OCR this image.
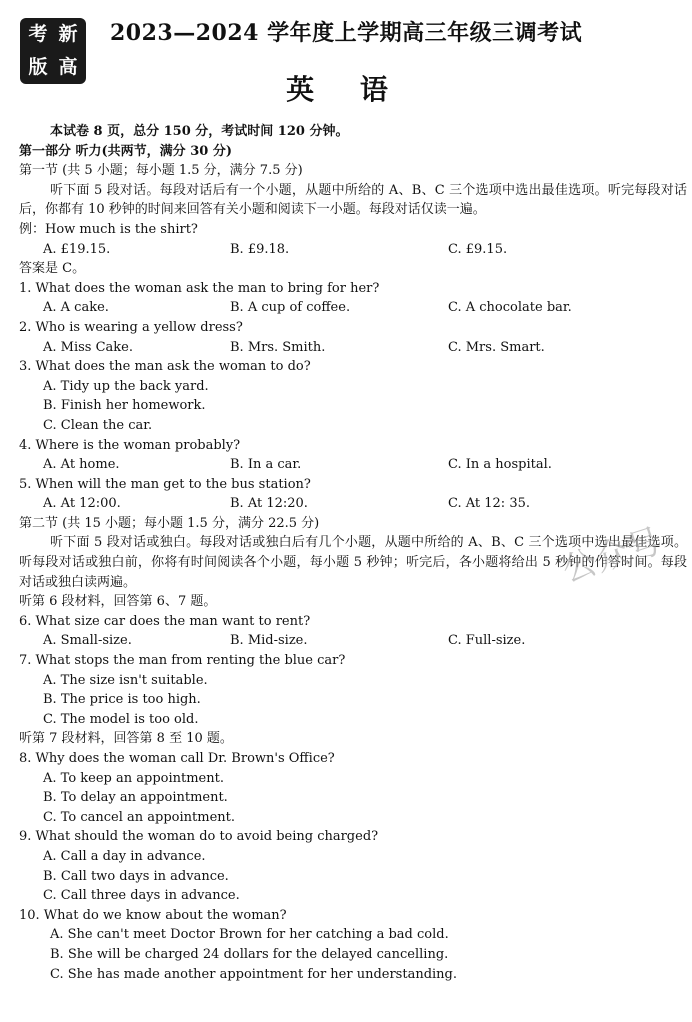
考 新
版 高
2023—2024 学年度上学期高三年级三调考试
英 语
本试卷 8 页，总分 150 分，考试时间 120 分钟。
第一部分 听力(共两节，满分 30 分)
第一节 (共 5 小题；每小题 1.5 分，满分 7.5 分)
听下面 5 段对话。每段对话后有一个小题，从题中所给的 A、B、C 三个选项中选出最佳选项。听完每段对话后，你都有 10 秒钟的时间来回答有关小题和阅读下一小题。每段对话仅读一遍。
例：How much is the shirt?
A. £19.15.	B. £9.18.	C. £9.15.
答案是 C。
1. What does the woman ask the man to bring for her?
A. A cake.	B. A cup of coffee.	C. A chocolate bar.
2. Who is wearing a yellow dress?
A. Miss Cake.	B. Mrs. Smith.	C. Mrs. Smart.
3. What does the man ask the woman to do?
A. Tidy up the back yard.
B. Finish her homework.
C. Clean the car.
4. Where is the woman probably?
A. At home.	B. In a car.	C. In a hospital.
5. When will the man get to the bus station?
A. At 12:00.	B. At 12:20.	C. At 12: 35.
第二节 (共 15 小题；每小题 1.5 分，满分 22.5 分)
听下面 5 段对话或独白。每段对话或独白后有几个小题，从题中所给的 A、B、C 三个选项中选出最佳选项。听每段对话或独白前，你将有时间阅读各个小题，每小题 5 秒钟；听完后，各小题将给出 5 秒钟的作答时间。每段对话或独白读两遍。
听第 6 段材料，回答第 6、7 题。
6. What size car does the man want to rent?
A. Small-size.	B. Mid-size.	C. Full-size.
7. What stops the man from renting the blue car?
A. The size isn't suitable.
B. The price is too high.
C. The model is too old.
听第 7 段材料，回答第 8 至 10 题。
8. Why does the woman call Dr. Brown's Office?
A. To keep an appointment.
B. To delay an appointment.
C. To cancel an appointment.
9. What should the woman do to avoid being charged?
A. Call a day in advance.
B. Call two days in advance.
C. Call three days in advance.
10. What do we know about the woman?
A. She can't meet Doctor Brown for her catching a bad cold.
B. She will be charged 24 dollars for the delayed cancelling.
C. She has made another appointment for her understanding.
公众号
